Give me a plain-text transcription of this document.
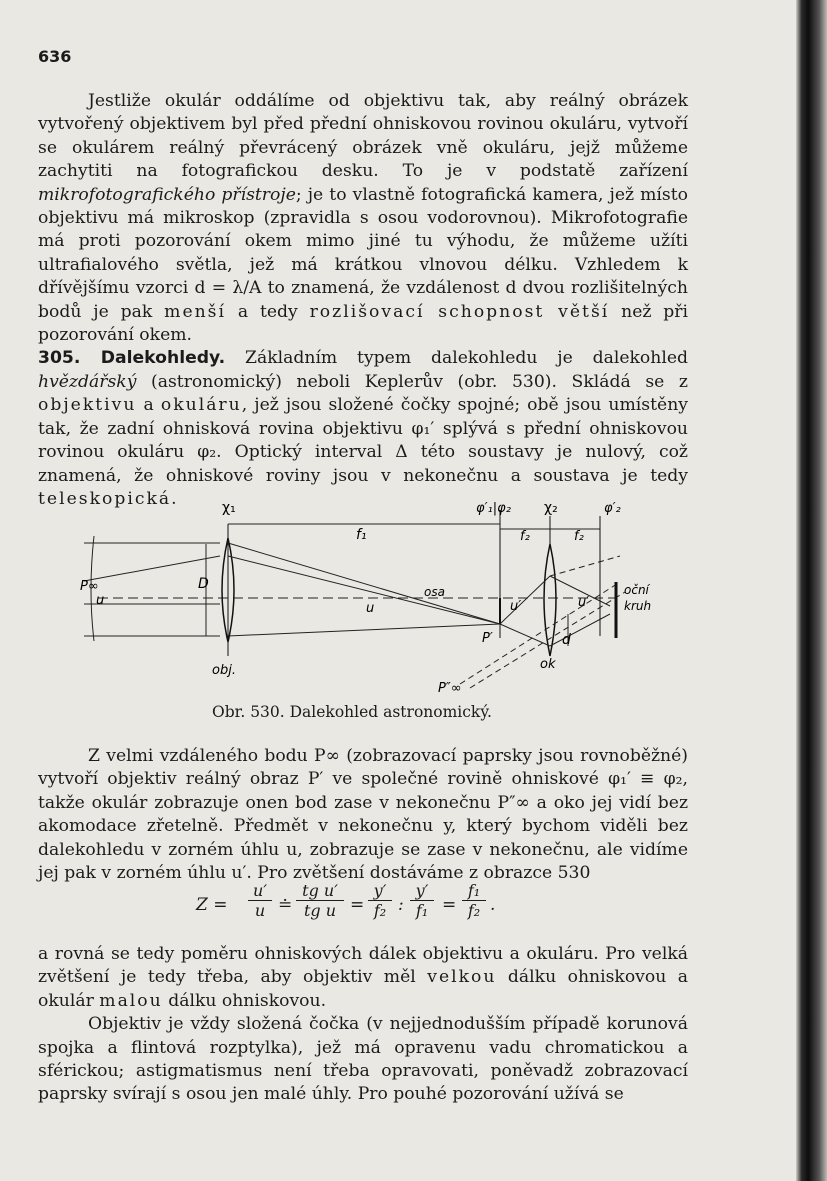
636

Jestliže okulár oddálíme od objektivu tak, aby reálný obrázek vytvořený objektivem byl před přední ohniskovou rovinou okuláru, vytvoří se okulárem reálný převrácený obrázek vně okuláru, jejž můžeme zachytiti na fotografickou desku. To je v podstatě zařízení mikrofotografického přístroje; je to vlastně fotografická kamera, jež místo objektivu má mikroskop (zpravidla s osou vodorovnou). Mikrofotografie má proti pozorování okem mimo jiné tu výhodu, že můžeme užíti ultrafialového světla, jež má krátkou vlnovou délku. Vzhledem k dřívějšímu vzorci d = λ/A to znamená, že vzdálenost d dvou rozlišitelných bodů je pak menší a tedy rozlišovací schopnost větší než při pozorování okem.

305. Dalekohledy. Základním typem dalekohledu je dalekohled hvězdářský (astronomický) neboli Keplerův (obr. 530). Skládá se z objektivu a okuláru, jež jsou složené čočky spojné; obě jsou umístěny tak, že zadní ohnisková rovina objektivu φ₁′ splývá s přední ohniskovou rovinou okuláru φ₂. Optický interval Δ této soustavy je nulový, což znamená, že ohniskové roviny jsou v nekonečnu a soustava je tedy teleskopická.	χ₁	φ′₁|φ₂ χ₂	φ′₂
f₁	f₂	f₂
P∞
u
D	osa
u	u′	u′
P′	d
obj.	ok
P″∞
oční
kruh
Obr. 530. Dalekohled astronomický.

Z velmi vzdáleného bodu P∞ (zobrazovací paprsky jsou rovnoběžné) vytvoří objektiv reálný obraz P′ ve společné rovině ohniskové φ₁′ ≡ φ₂, takže okulár zobrazuje onen bod zase v nekonečnu P″∞ a oko jej vidí bez akomodace zřetelně. Předmět v nekonečnu y, který bychom viděli bez dalekohledu v zorném úhlu u, zobrazuje se zase v nekonečnu, ale vidíme jej pak v zorném úhlu u′. Pro zvětšení dostáváme z obrazce 530

$Z = \frac{u'}{u}$ ≐ $\frac{\text{tg u′}}{\text{tg u}} = \frac{y'}{\text{f₂}}$ : $\frac{y'}{\text{f₁}} = \frac{\text{f₁}}{\text{f₂}}$ .

a rovná se tedy poměru ohniskových dálek objektivu a okuláru. Pro velká zvětšení je tedy třeba, aby objektiv měl velkou dálku ohniskovou a okulár malou dálku ohniskovou.

Objektiv je vždy složená čočka (v nejjednodušším případě korunová spojka a flintová rozptylka), jež má opravenu vadu chromatickou a sférickou; astigmatismus není třeba opravovati, poněvadž zobrazovací paprsky svírají s osou jen malé úhly. Pro pouhé pozorování užívá se
